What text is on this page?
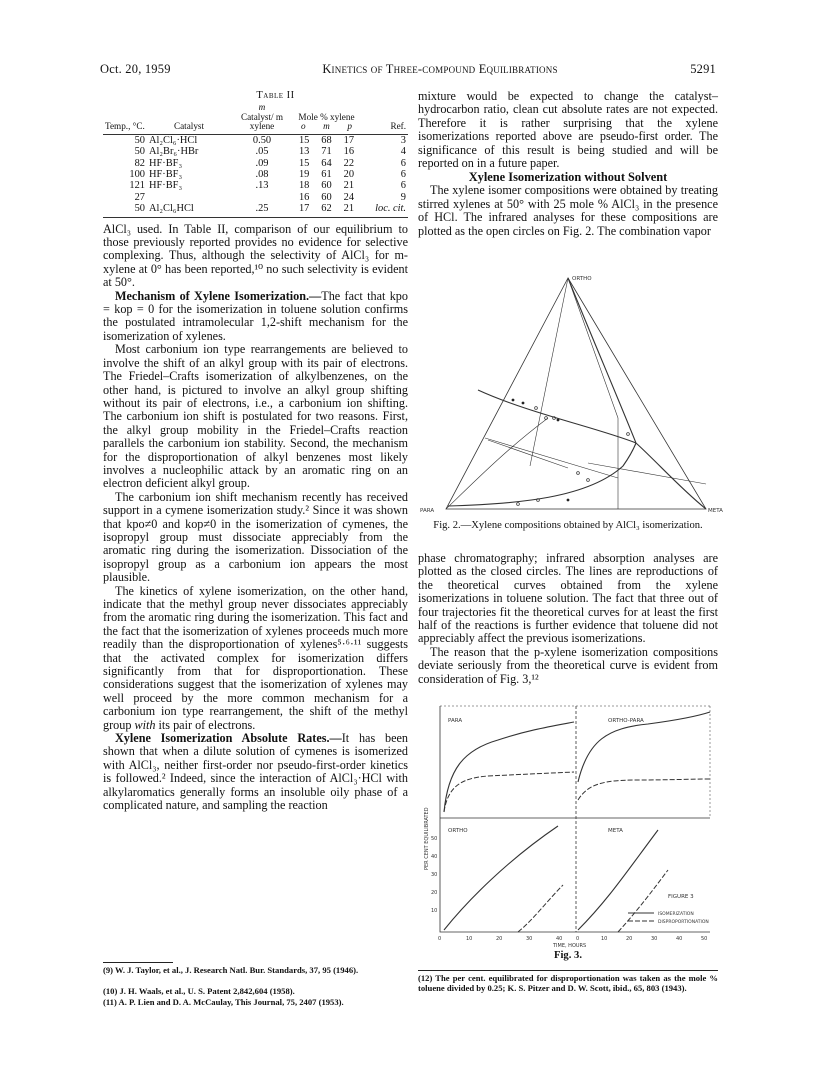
Oct. 20, 1959	Kinetics of Three-compound Equilibrations	5291
Table II
Temp., °C.	Catalyst	m
Catalyst/ m xylene	Mole % xylene
o m p			Ref.
50	Al₂Cl₆·HCl	0.50	15	68	17	3
50	Al₂Br₆·HBr	.05	13	71	16	4
82	HF·BF₃	.09	15	64	22	6
100	HF·BF₃	.08	19	61	20	6
121	HF·BF₃	.13	18	60	21	6
27			16	60	24	9
50	Al₂Cl₆HCl	.25	17	62	21	loc. cit.

AlCl₃ used. In Table II, comparison of our equilibrium to those previously reported provides no evidence for selective complexing. Thus, although the selectivity of AlCl₃ for m-xylene at 0° has been reported,¹⁰ no such selectivity is evident at 50°.

Mechanism of Xylene Isomerization.—The fact that kpo = kop = 0 for the isomerization in toluene solution confirms the postulated intramolecular 1,2-shift mechanism for the isomerization of xylenes.

Most carbonium ion type rearrangements are believed to involve the shift of an alkyl group with its pair of electrons. The Friedel–Crafts isomerization of alkylbenzenes, on the other hand, is pictured to involve an alkyl group shifting without its pair of electrons, i.e., a carbonium ion shifting. The carbonium ion shift is postulated for two reasons. First, the alkyl group mobility in the Friedel–Crafts reaction parallels the carbonium ion stability. Second, the mechanism for the disproportionation of alkyl benzenes most likely involves a nucleophilic attack by an aromatic ring on an electron deficient alkyl group.

The carbonium ion shift mechanism recently has received support in a cymene isomerization study.² Since it was shown that kpo≠0 and kop≠0 in the isomerization of cymenes, the isopropyl group must dissociate appreciably from the aromatic ring during the isomerization. Dissociation of the isopropyl group as a carbonium ion appears the most plausible.

The kinetics of xylene isomerization, on the other hand, indicate that the methyl group never dissociates appreciably from the aromatic ring during the isomerization. This fact and the fact that the isomerization of xylenes proceeds much more readily than the disproportionation of xylenes⁵·⁶·¹¹ suggests that the activated complex for isomerization differs significantly from that for disproportionation. These considerations suggest that the isomerization of xylenes may well proceed by the more common mechanism for a carbonium ion type rearrangement, the shift of the methyl group with its pair of electrons.

Xylene Isomerization Absolute Rates.—It has been shown that when a dilute solution of cymenes is isomerized with AlCl₃, neither first-order nor pseudo-first-order kinetics is followed.² Indeed, since the interaction of AlCl₃·HCl with alkylaromatics generally forms an insoluble oily phase of a complicated nature, and sampling the reaction

(9) W. J. Taylor, et al., J. Research Natl. Bur. Standards, 37, 95 (1946).
(10) J. H. Waals, et al., U. S. Patent 2,842,604 (1958).
(11) A. P. Lien and D. A. McCaulay, This Journal, 75, 2407 (1953).

mixture would be expected to change the catalyst–hydrocarbon ratio, clean cut absolute rates are not expected. Therefore it is rather surprising that the xylene isomerizations reported above are pseudo-first order. The significance of this result is being studied and will be reported on in a future paper.

Xylene Isomerization without Solvent

The xylene isomer compositions were obtained by treating stirred xylenes at 50° with 25 mole % AlCl₃ in the presence of HCl. The infrared analyses for these compositions are plotted as the open circles on Fig. 2. The combination vapor

ORTHO
PARA	META
Fig. 2.—Xylene compositions obtained by AlCl₃ isomerization.

phase chromatography; infrared absorption analyses are plotted as the closed circles. The lines are reproductions of the theoretical curves obtained from the xylene isomerizations in toluene solution. The fact that three out of four trajectories fit the theoretical curves for at least the first half of the reactions is further evidence that toluene did not appreciably affect the previous isomerizations.

The reason that the p-xylene isomerization compositions deviate seriously from the theoretical curve is evident from consideration of Fig. 3,¹²

PARA	ORTHO-PARA
ORTHO	META
FIGURE 3
ISOMERIZATION
DISPROPORTIONATION
PER CENT EQUILIBRATED
TIME, HOURS
50
40
30
20
10
0	10	20	30	40	0	10	20	30	40	50
Fig. 3.
(12) The per cent. equilibrated for disproportionation was taken as the mole % toluene divided by 0.25; K. S. Pitzer and D. W. Scott, ibid., 65, 803 (1943).
